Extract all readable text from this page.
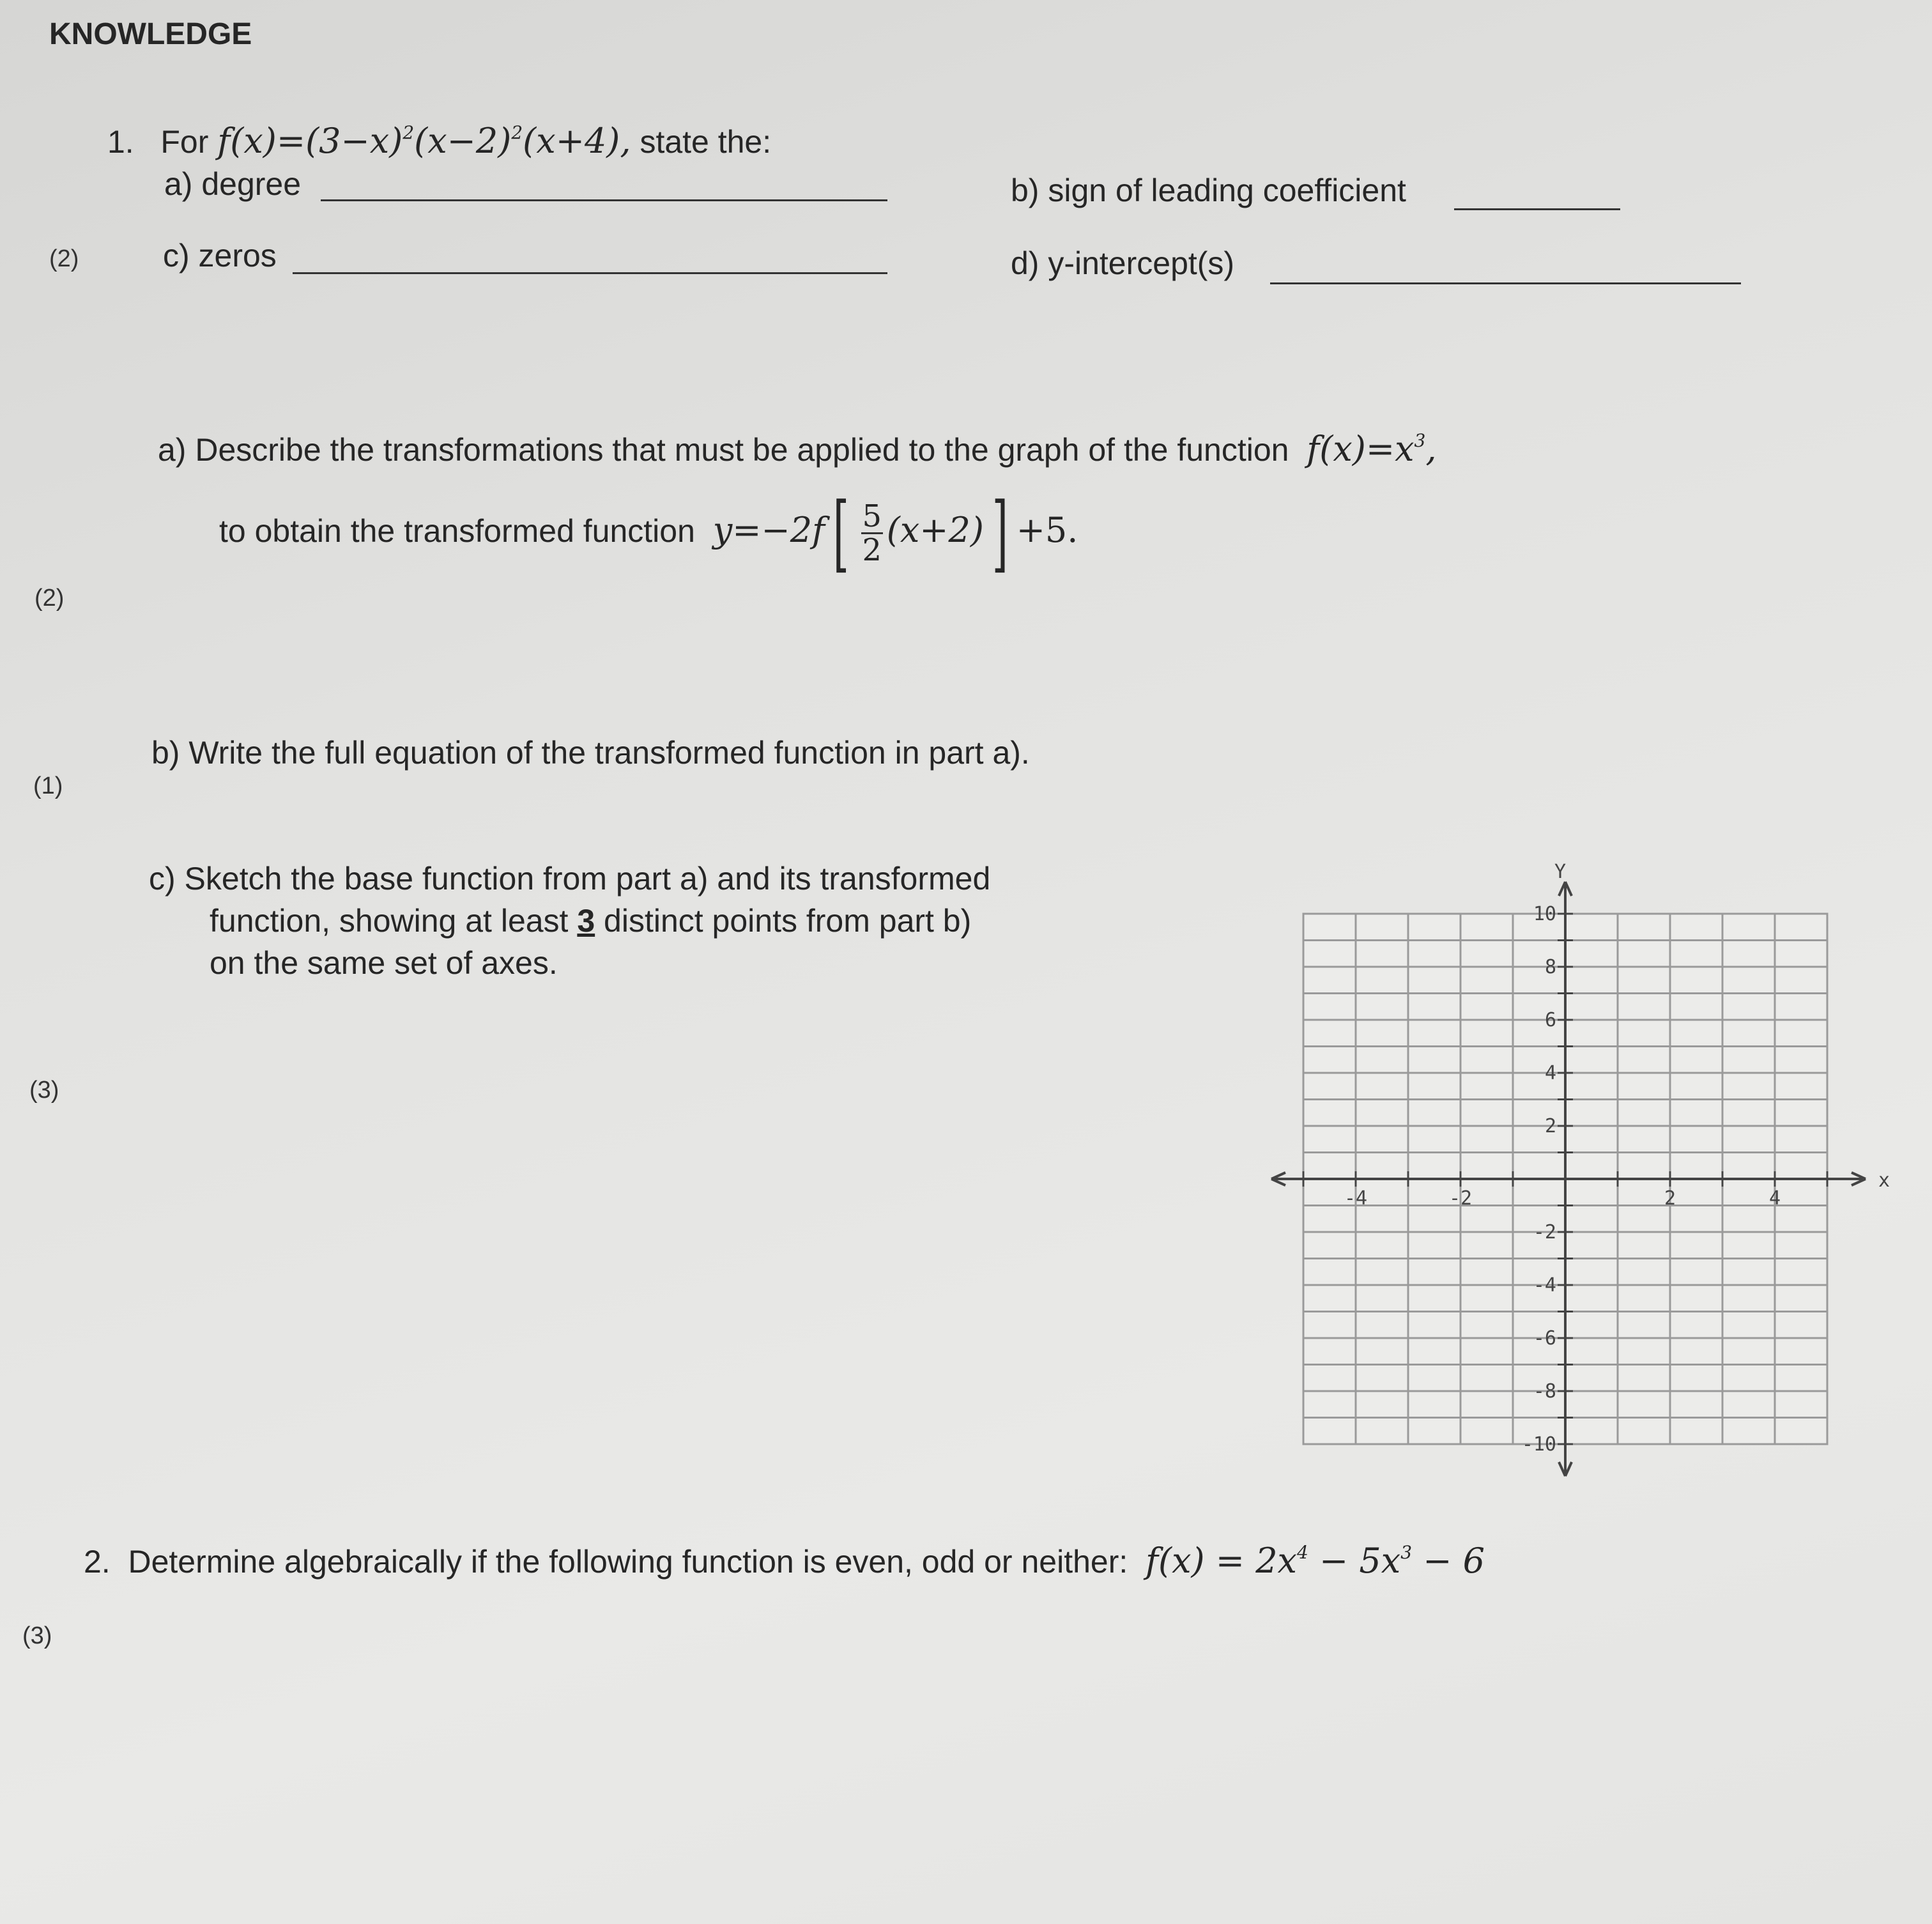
KNOWLEDGE
1. For $f(x)=(3-x)^2(x-2)^2(x+4)$, state the:
a) degree	b) sign of leading coefficient
(2)	c) zeros	d) y-intercept(s)
a) Describe the transformations that must be applied to the graph of the function $f(x)=x^3$,
to obtain the transformed function $y=-2f[ \frac{5}{2} (x+2)] +5$.
(2)
b) Write the full equation of the transformed function in part a).
(1)
c) Sketch the base function from part a) and its transformed
function, showing at least 3 distinct points from part b)
on the same set of axes.
(3)
-4	-2	2	4
10
8
6
4
2
-2
-4
-6
-8
-10
x
Y
2. Determine algebraically if the following function is even, odd or neither: $f(x) = 2x^4 - 5x^3 - 6$
(3)
